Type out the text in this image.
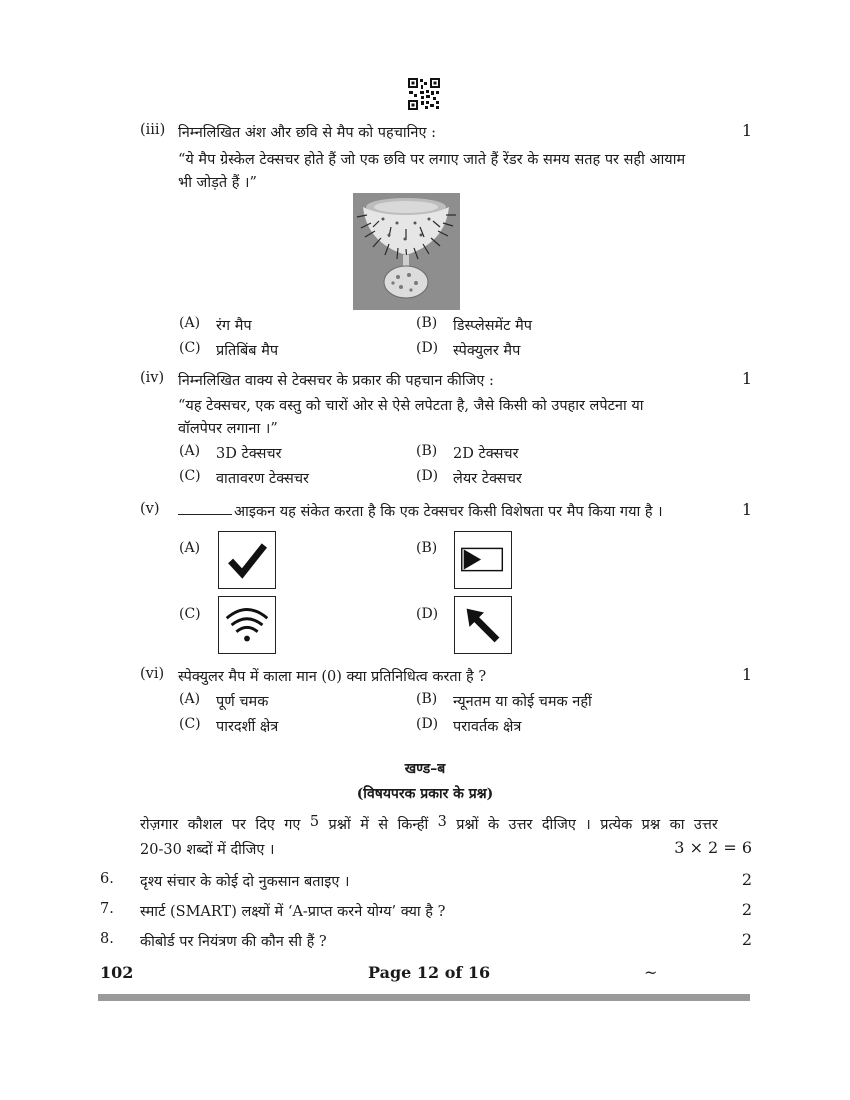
(iii) निम्नलिखित अंश और छवि से मैप को पहचानिए :	1
“ये मैप ग्रेस्केल टेक्सचर होते हैं जो एक छवि पर लगाए जाते हैं रेंडर के समय सतह पर सही आयाम
भी जोड़ते हैं ।”
(A) रंग मैप	(B) डिस्प्लेसमेंट मैप
(C) प्रतिबिंब मैप	(D) स्पेक्युलर मैप
(iv) निम्नलिखित वाक्य से टेक्सचर के प्रकार की पहचान कीजिए :	1
“यह टेक्सचर, एक वस्तु को चारों ओर से ऐसे लपेटता है, जैसे किसी को उपहार लपेटना या
वॉलपेपर लगाना ।”
(A) 3D टेक्सचर	(B) 2D टेक्सचर
(C) वातावरण टेक्सचर	(D) लेयर टेक्सचर
(v)	आइकन यह संकेत करता है कि एक टेक्सचर किसी विशेषता पर मैप किया गया है ।	1
(A)	(B)
(C)	(D)
(vi) स्पेक्युलर मैप में काला मान (0) क्या प्रतिनिधित्व करता है ?	1
(A) पूर्ण चमक	(B) न्यूनतम या कोई चमक नहीं
(C) पारदर्शी क्षेत्र	(D) परावर्तक क्षेत्र
खण्ड–ब
(विषयपरक प्रकार के प्रश्न)
रोज़गार कौशल पर दिए गए 5 प्रश्नों में से किन्हीं 3 प्रश्नों के उत्तर दीजिए । प्रत्येक प्रश्न का उत्तर
20-30 शब्दों में दीजिए ।	3 × 2 = 6
6. दृश्य संचार के कोई दो नुकसान बताइए ।	2
7. स्मार्ट (SMART) लक्ष्यों में ‘A-प्राप्त करने योग्य’ क्या है ?	2
8. कीबोर्ड पर नियंत्रण की कौन सी हैं ?	2
102	Page 12 of 16	~
